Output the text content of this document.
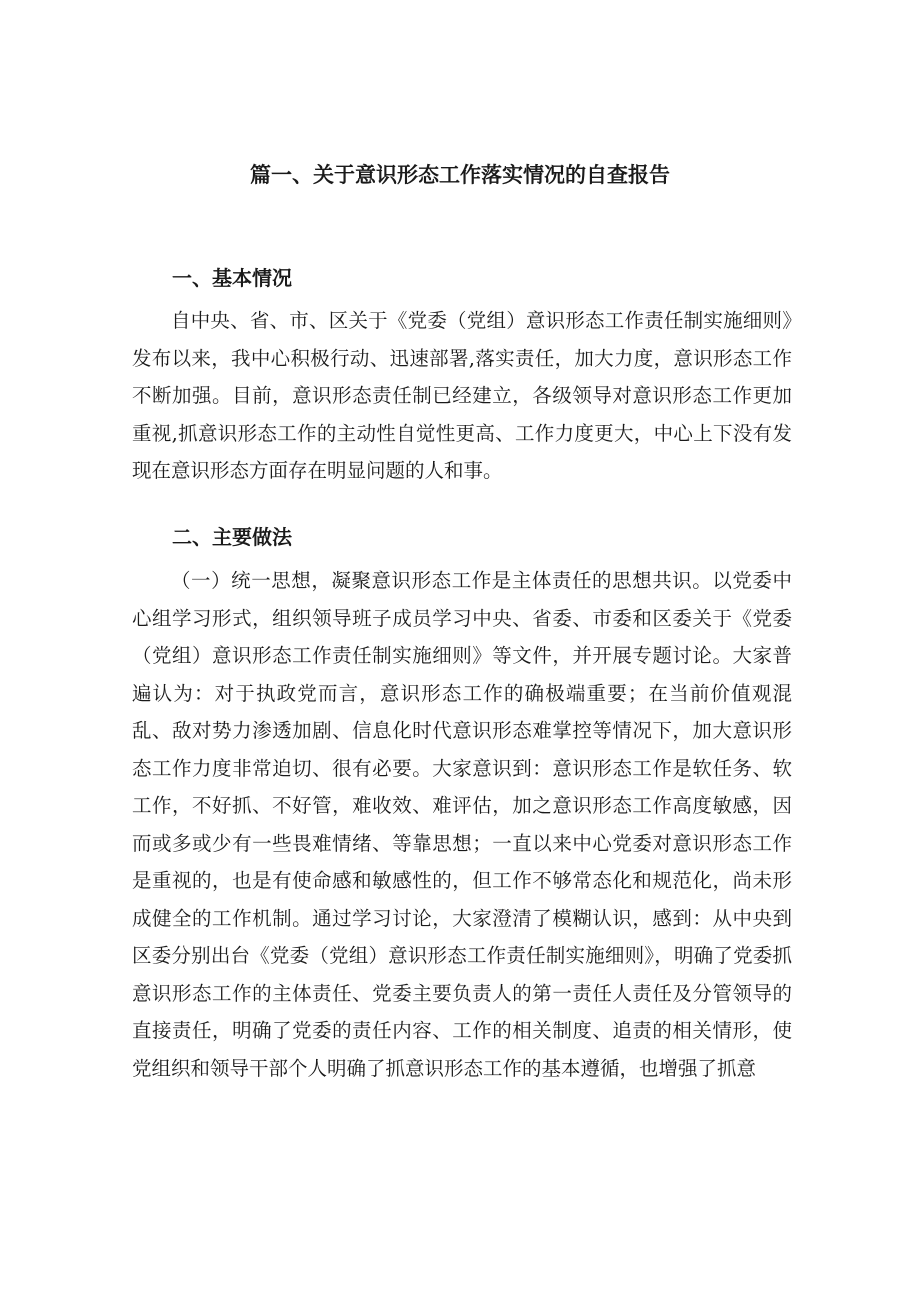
篇一、关于意识形态工作落实情况的自查报告
一、基本情况

自中央、省、市、区关于《党委（党组）意识形态工作责任制实施细则》发布以来，我中心积极行动、迅速部署,落实责任，加大力度，意识形态工作不断加强。目前，意识形态责任制已经建立，各级领导对意识形态工作更加重视,抓意识形态工作的主动性自觉性更高、工作力度更大，中心上下没有发现在意识形态方面存在明显问题的人和事。

二、主要做法

（一）统一思想，凝聚意识形态工作是主体责任的思想共识。以党委中心组学习形式，组织领导班子成员学习中央、省委、市委和区委关于《党委（党组）意识形态工作责任制实施细则》等文件，并开展专题讨论。大家普遍认为：对于执政党而言，意识形态工作的确极端重要；在当前价值观混乱、敌对势力渗透加剧、信息化时代意识形态难掌控等情况下，加大意识形态工作力度非常迫切、很有必要。大家意识到：意识形态工作是软任务、软工作，不好抓、不好管，难收效、难评估，加之意识形态工作高度敏感，因而或多或少有一些畏难情绪、等靠思想；一直以来中心党委对意识形态工作是重视的，也是有使命感和敏感性的，但工作不够常态化和规范化，尚未形成健全的工作机制。通过学习讨论，大家澄清了模糊认识，感到：从中央到区委分别出台《党委（党组）意识形态工作责任制实施细则》，明确了党委抓意识形态工作的主体责任、党委主要负责人的第一责任人责任及分管领导的直接责任，明确了党委的责任内容、工作的相关制度、追责的相关情形，使党组织和领导干部个人明确了抓意识形态工作的基本遵循，也增强了抓意
